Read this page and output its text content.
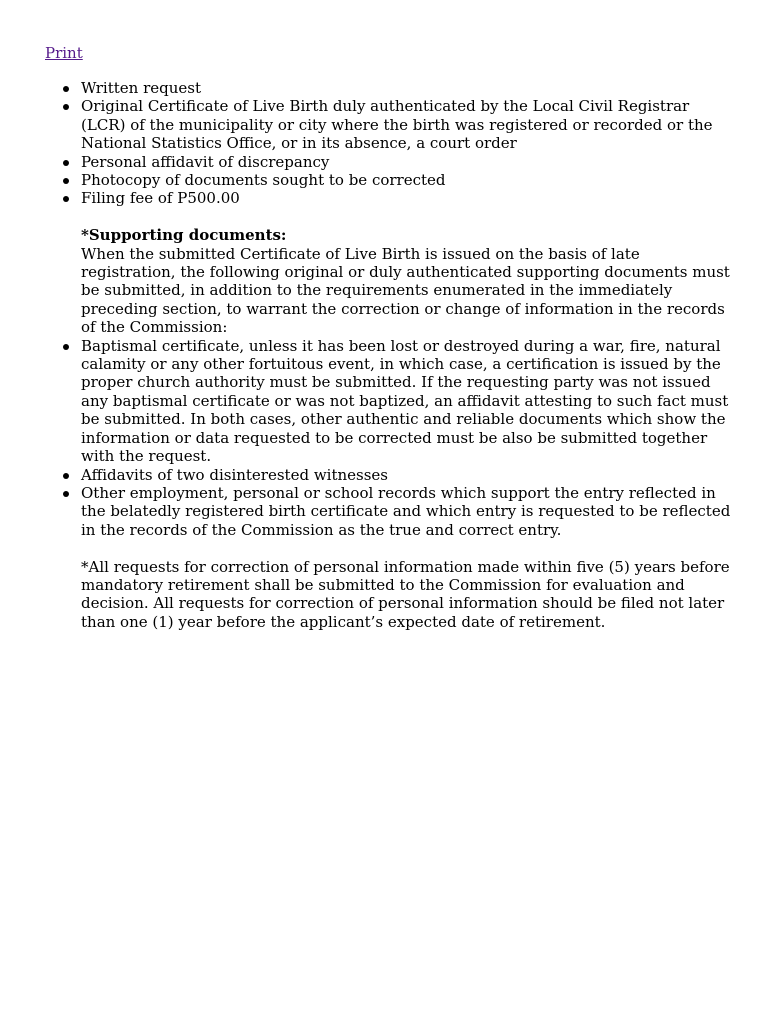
Print
Written request
Original Certificate of Live Birth duly authenticated by the Local Civil Registrar (LCR) of the municipality or city where the birth was registered or recorded or the National Statistics Office, or in its absence, a court order
Personal affidavit of discrepancy
Photocopy of documents sought to be corrected
Filing fee of P500.00
*Supporting documents:
When the submitted Certificate of Live Birth is issued on the basis of late registration, the following original or duly authenticated supporting documents must be submitted, in addition to the requirements enumerated in the immediately preceding section, to warrant the correction or change of information in the records of the Commission:
Baptismal certificate, unless it has been lost or destroyed during a war, fire, natural calamity or any other fortuitous event, in which case, a certification is issued by the proper church authority must be submitted. If the requesting party was not issued any baptismal certificate or was not baptized, an affidavit attesting to such fact must be submitted. In both cases, other authentic and reliable documents which show the information or data requested to be corrected must be also be submitted together with the request.
Affidavits of two disinterested witnesses
Other employment, personal or school records which support the entry reflected in the belatedly registered birth certificate and which entry is requested to be reflected in the records of the Commission as the true and correct entry.
*All requests for correction of personal information made within five (5) years before mandatory retirement shall be submitted to the Commission for evaluation and decision. All requests for correction of personal information should be filed not later than one (1) year before the applicant’s expected date of retirement.
